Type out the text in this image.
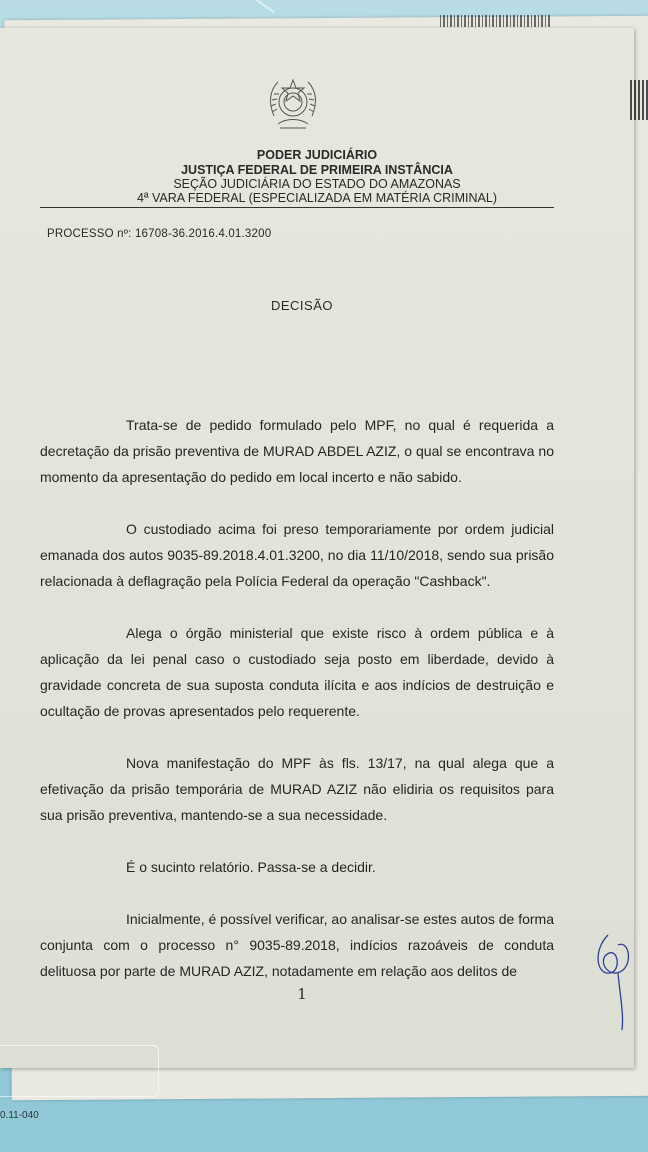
PODER JUDICIÁRIO
JUSTIÇA FEDERAL DE PRIMEIRA INSTÂNCIA
SEÇÃO JUDICIÁRIA DO ESTADO DO AMAZONAS
4ª VARA FEDERAL (ESPECIALIZADA EM MATÉRIA CRIMINAL)
PROCESSO nº: 16708-36.2016.4.01.3200
DECISÃO

Trata-se de pedido formulado pelo MPF, no qual é requerida a decretação da prisão preventiva de MURAD ABDEL AZIZ, o qual se encontrava no momento da apresentação do pedido em local incerto e não sabido.

O custodiado acima foi preso temporariamente por ordem judicial emanada dos autos 9035-89.2018.4.01.3200, no dia 11/10/2018, sendo sua prisão relacionada à deflagração pela Polícia Federal da operação "Cashback".

Alega o órgão ministerial que existe risco à ordem pública e à aplicação da lei penal caso o custodiado seja posto em liberdade, devido à gravidade concreta de sua suposta conduta ilícita e aos indícios de destruição e ocultação de provas apresentados pelo requerente.

Nova manifestação do MPF às fls. 13/17, na qual alega que a efetivação da prisão temporária de MURAD AZIZ não elidiria os requisitos para sua prisão preventiva, mantendo-se a sua necessidade.

É o sucinto relatório. Passa-se a decidir.

Inicialmente, é possível verificar, ao analisar-se estes autos de forma conjunta com o processo n° 9035-89.2018, indícios razoáveis de conduta delituosa por parte de MURAD AZIZ, notadamente em relação aos delitos de

1
0.11-040
